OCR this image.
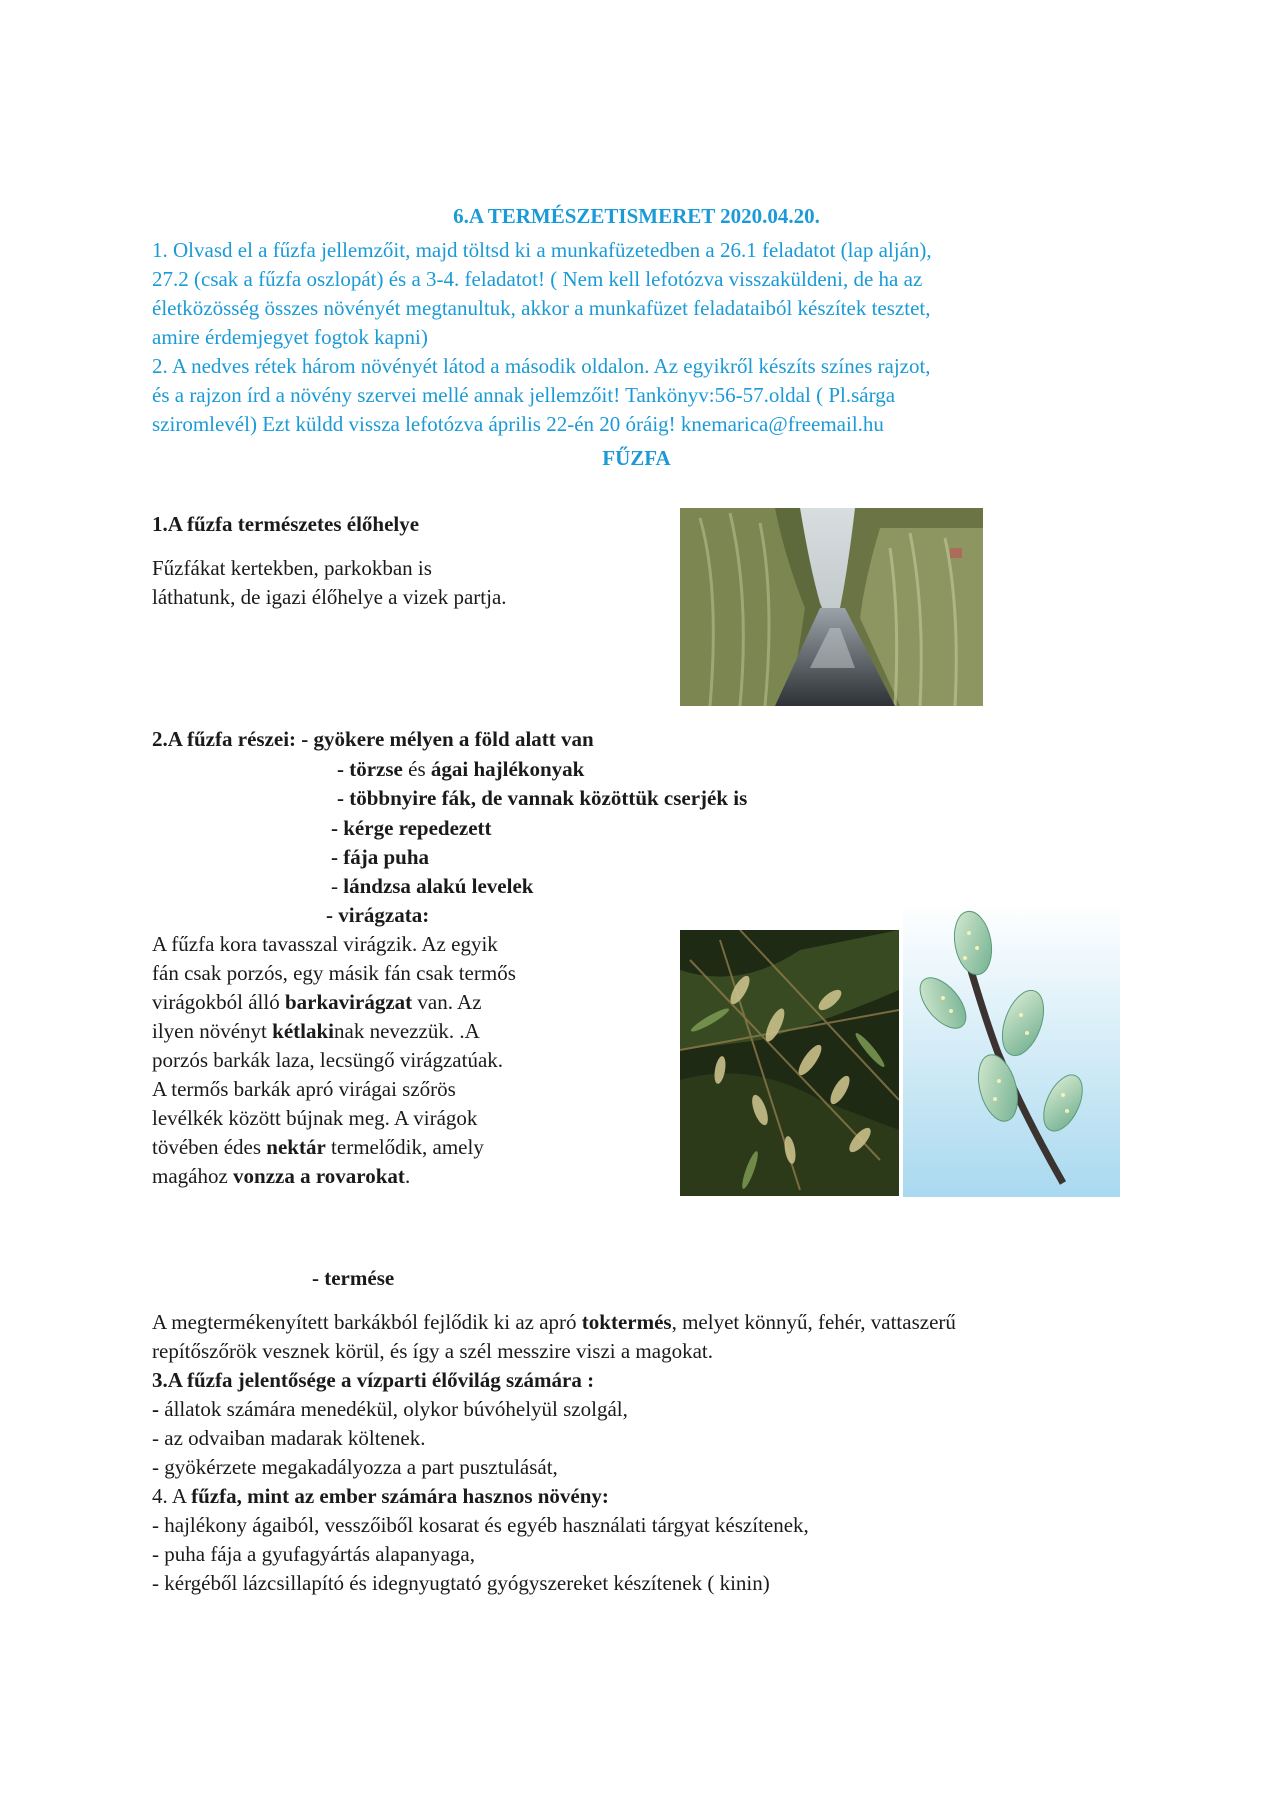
6.A TERMÉSZETISMERET 2020.04.20.
1. Olvasd el a fűzfa jellemzőit, majd töltsd ki a munkafüzetedben a 26.1 feladatot (lap alján),
27.2 (csak a fűzfa oszlopát) és a 3-4. feladatot! ( Nem kell lefotózva visszaküldeni, de ha az
életközösség összes növényét megtanultuk, akkor a munkafüzet feladataiból készítek tesztet,
amire érdemjegyet fogtok kapni)
2. A nedves rétek három növényét látod a második oldalon. Az egyikről készíts színes rajzot,
és a rajzon írd a növény szervei mellé annak jellemzőit! Tankönyv:56-57.oldal ( Pl.sárga
sziromlevél) Ezt küldd vissza lefotózva április 22-én 20 óráig! knemarica@freemail.hu
FŰZFA
1.A fűzfa természetes élőhelye
Fűzfákat kertekben, parkokban is
láthatunk, de igazi élőhelye a vizek partja.
2.A fűzfa részei: - gyökere mélyen a föld alatt van
- törzse és ágai hajlékonyak
- többnyire fák, de vannak közöttük cserjék is
- kérge repedezett
- fája puha
- lándzsa alakú levelek
- virágzata:
A fűzfa kora tavasszal virágzik. Az egyik
fán csak porzós, egy másik fán csak termős
virágokból álló barkavirágzat van. Az
ilyen növényt kétlakinak nevezzük. .A
porzós barkák laza, lecsüngő virágzatúak.
A termős barkák apró virágai szőrös
levélkék között bújnak meg. A virágok
tövében édes nektár termelődik, amely
magához vonzza a rovarokat.
- termése
A megtermékenyített barkákból fejlődik ki az apró toktermés, melyet könnyű, fehér, vattaszerű
repítőszőrök vesznek körül, és így a szél messzire viszi a magokat.
3.A fűzfa jelentősége a vízparti élővilág számára :
- állatok számára menedékül, olykor búvóhelyül szolgál,
- az odvaiban madarak költenek.
- gyökérzete megakadályozza a part pusztulását,
4. A fűzfa, mint az ember számára hasznos növény:
- hajlékony ágaiból, vesszőiből kosarat és egyéb használati tárgyat készítenek,
- puha fája a gyufagyártás alapanyaga,
- kérgéből lázcsillapító és idegnyugtató gyógyszereket készítenek ( kinin)
